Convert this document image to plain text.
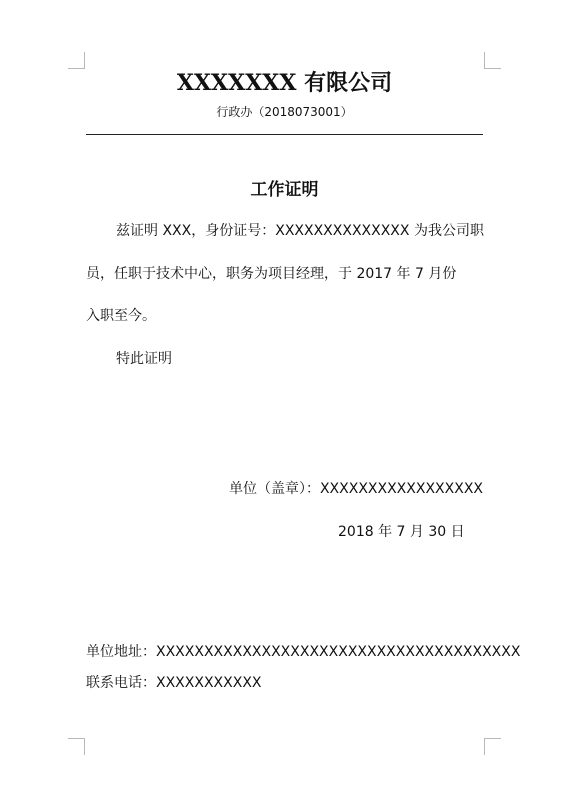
XXXXXXX 有限公司
行政办（2018073001）
工作证明
兹证明 XXX，身份证号：XXXXXXXXXXXXXX 为我公司职
员，任职于技术中心，职务为项目经理，于 2017 年 7 月份
入职至今。
特此证明
单位（盖章）：XXXXXXXXXXXXXXXXX
2018 年 7 月 30 日
单位地址：XXXXXXXXXXXXXXXXXXXXXXXXXXXXXXXXXXXXXX
联系电话：XXXXXXXXXXX
